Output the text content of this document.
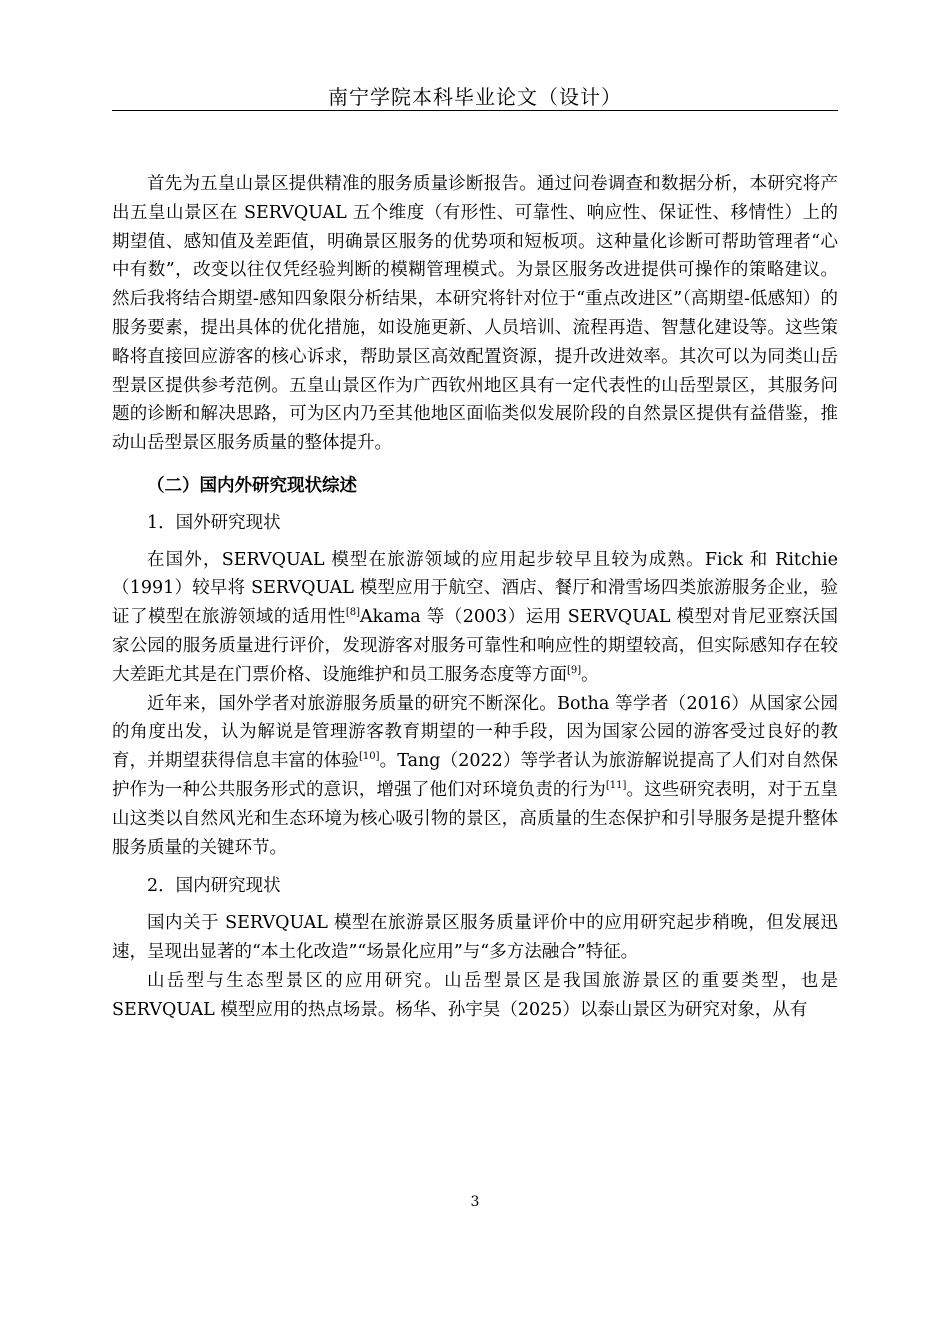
南宁学院本科毕业论文（设计）

首先为五皇山景区提供精准的服务质量诊断报告。通过问卷调查和数据分析，本研究将产出五皇山景区在 SERVQUAL 五个维度（有形性、可靠性、响应性、保证性、移情性）上的期望值、感知值及差距值，明确景区服务的优势项和短板项。这种量化诊断可帮助管理者“心中有数”，改变以往仅凭经验判断的模糊管理模式。为景区服务改进提供可操作的策略建议。然后我将结合期望-感知四象限分析结果，本研究将针对位于“重点改进区”（高期望-低感知）的服务要素，提出具体的优化措施，如设施更新、人员培训、流程再造、智慧化建设等。这些策略将直接回应游客的核心诉求，帮助景区高效配置资源，提升改进效率。其次可以为同类山岳型景区提供参考范例。五皇山景区作为广西钦州地区具有一定代表性的山岳型景区，其服务问题的诊断和解决思路，可为区内乃至其他地区面临类似发展阶段的自然景区提供有益借鉴，推动山岳型景区服务质量的整体提升。

（二）国内外研究现状综述

1．国外研究现状

在国外，SERVQUAL 模型在旅游领域的应用起步较早且较为成熟。Fick 和 Ritchie（1991）较早将 SERVQUAL 模型应用于航空、酒店、餐厅和滑雪场四类旅游服务企业，验证了模型在旅游领域的适用性[8]Akama 等（2003）运用 SERVQUAL 模型对肯尼亚察沃国家公园的服务质量进行评价，发现游客对服务可靠性和响应性的期望较高，但实际感知存在较大差距尤其是在门票价格、设施维护和员工服务态度等方面[9]。

近年来，国外学者对旅游服务质量的研究不断深化。Botha 等学者（2016）从国家公园的角度出发，认为解说是管理游客教育期望的一种手段，因为国家公园的游客受过良好的教育，并期望获得信息丰富的体验[10]。Tang（2022）等学者认为旅游解说提高了人们对自然保护作为一种公共服务形式的意识，增强了他们对环境负责的行为[11]。这些研究表明，对于五皇山这类以自然风光和生态环境为核心吸引物的景区，高质量的生态保护和引导服务是提升整体服务质量的关键环节。

2．国内研究现状

国内关于 SERVQUAL 模型在旅游景区服务质量评价中的应用研究起步稍晚，但发展迅速，呈现出显著的“本土化改造”“场景化应用”与“多方法融合”特征。

山岳型与生态型景区的应用研究。山岳型景区是我国旅游景区的重要类型，也是 SERVQUAL 模型应用的热点场景。杨华、孙宇昊（2025）以泰山景区为研究对象，从有

3
